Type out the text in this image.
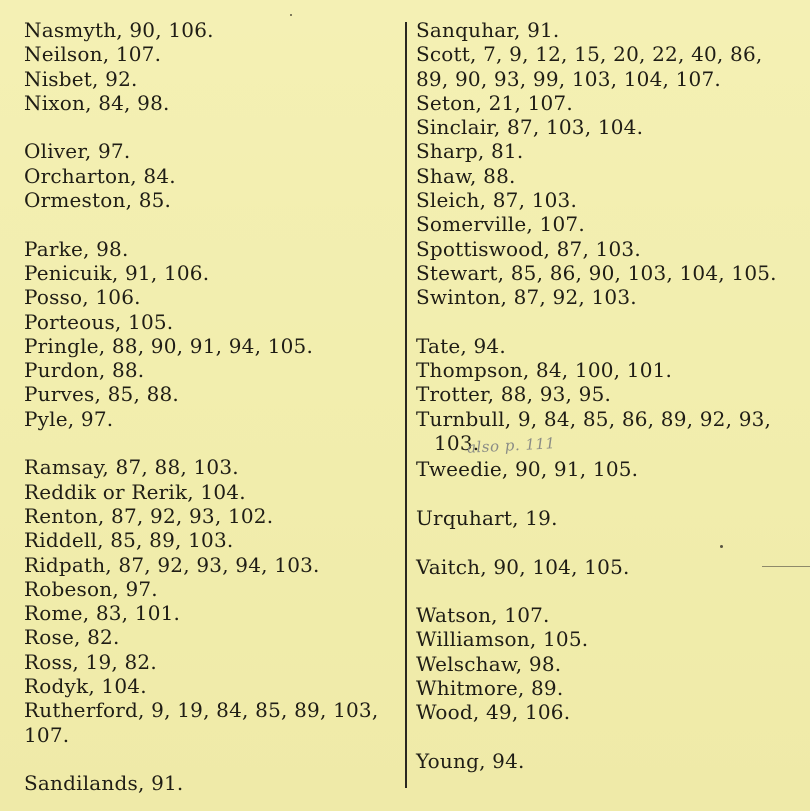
Nasmyth, 90, 106.
Neilson, 107.
Nisbet, 92.
Nixon, 84, 98.
Oliver, 97.
Orcharton, 84.
Ormeston, 85.
Parke, 98.
Penicuik, 91, 106.
Posso, 106.
Porteous, 105.
Pringle, 88, 90, 91, 94, 105.
Purdon, 88.
Purves, 85, 88.
Pyle, 97.
Ramsay, 87, 88, 103.
Reddik or Rerik, 104.
Renton, 87, 92, 93, 102.
Riddell, 85, 89, 103.
Ridpath, 87, 92, 93, 94, 103.
Robeson, 97.
Rome, 83, 101.
Rose, 82.
Ross, 19, 82.
Rodyk, 104.
Rutherford, 9, 19, 84, 85, 89, 103,
107.
Sandilands, 91.
Sanquhar, 91.
Scott, 7, 9, 12, 15, 20, 22, 40, 86,
89, 90, 93, 99, 103, 104, 107.
Seton, 21, 107.
Sinclair, 87, 103, 104.
Sharp, 81.
Shaw, 88.
Sleich, 87, 103.
Somerville, 107.
Spottiswood, 87, 103.
Stewart, 85, 86, 90, 103, 104, 105.
Swinton, 87, 92, 103.
Tate, 94.
Thompson, 84, 100, 101.
Trotter, 88, 93, 95.
Turnbull, 9, 84, 85, 86, 89, 92, 93,
103.also p. 111
Tweedie, 90, 91, 105.
Urquhart, 19.
Vaitch, 90, 104, 105.
Watson, 107.
Williamson, 105.
Welschaw, 98.
Whitmore, 89.
Wood, 49, 106.
Young, 94.
